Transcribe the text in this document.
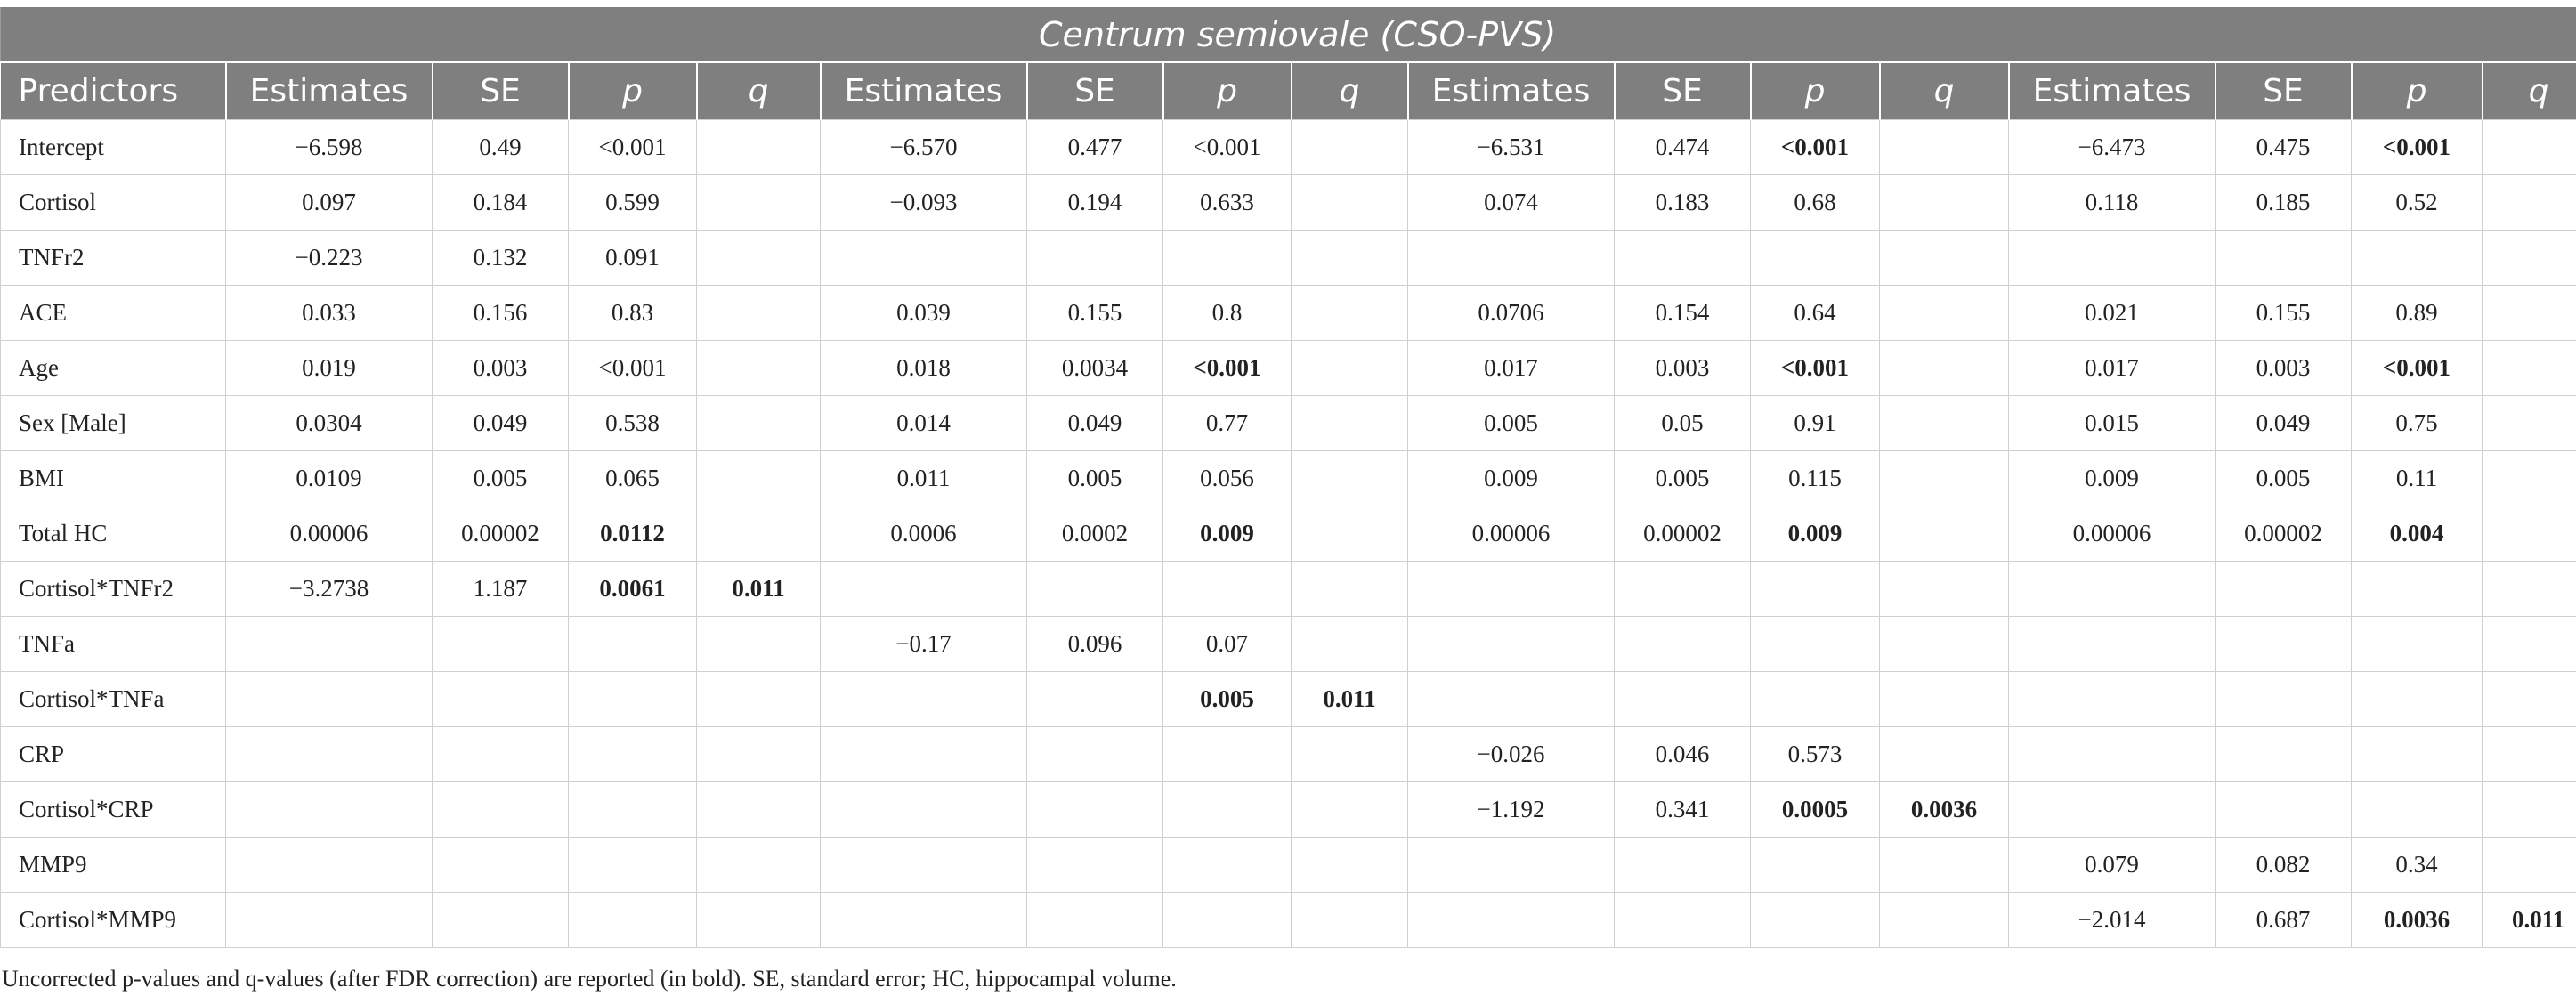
Centrum semiovale (CSO-PVS)																
Predictors	Estimates	SE	p	q	Estimates	SE	p	q	Estimates	SE	p	q	Estimates	SE	p	q
Intercept	−6.598	0.49	<0.001		−6.570	0.477	<0.001		−6.531	0.474	<0.001		−6.473	0.475	<0.001	
Cortisol	0.097	0.184	0.599		−0.093	0.194	0.633		0.074	0.183	0.68		0.118	0.185	0.52	
TNFr2	−0.223	0.132	0.091													
ACE	0.033	0.156	0.83		0.039	0.155	0.8		0.0706	0.154	0.64		0.021	0.155	0.89	
Age	0.019	0.003	<0.001		0.018	0.0034	<0.001		0.017	0.003	<0.001		0.017	0.003	<0.001	
Sex [Male]	0.0304	0.049	0.538		0.014	0.049	0.77		0.005	0.05	0.91		0.015	0.049	0.75	
BMI	0.0109	0.005	0.065		0.011	0.005	0.056		0.009	0.005	0.115		0.009	0.005	0.11	
Total HC	0.00006	0.00002	0.0112		0.0006	0.0002	0.009		0.00006	0.00002	0.009		0.00006	0.00002	0.004	
Cortisol*TNFr2	−3.2738	1.187	0.0061	0.011												
TNFa					−0.17	0.096	0.07									
Cortisol*TNFa							0.005	0.011								
CRP									−0.026	0.046	0.573					
Cortisol*CRP									−1.192	0.341	0.0005	0.0036				
MMP9													0.079	0.082	0.34	
Cortisol*MMP9													−2.014	0.687	0.0036	0.011
Uncorrected p-values and q-values (after FDR correction) are reported (in bold). SE, standard error; HC, hippocampal volume.
